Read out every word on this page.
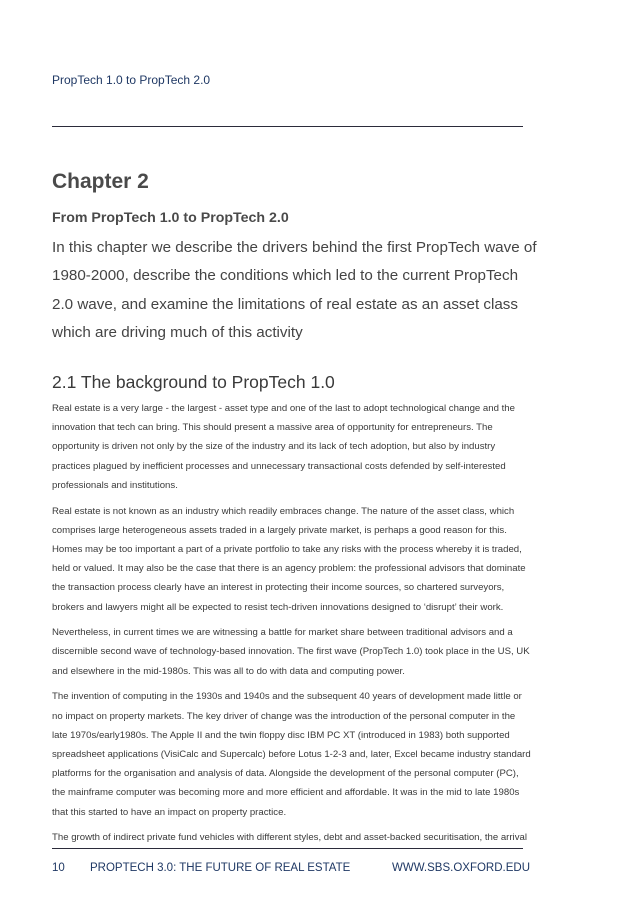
PropTech 1.0 to PropTech 2.0
Chapter 2
From PropTech 1.0 to PropTech 2.0

In this chapter we describe the drivers behind the first PropTech wave of 1980-2000, describe the conditions which led to the current PropTech 2.0 wave, and examine the limitations of real estate as an asset class which are driving much of this activity

2.1 The background to PropTech 1.0

Real estate is a very large - the largest - asset type and one of the last to adopt technological change and the innovation that tech can bring. This should present a massive area of opportunity for entrepreneurs. The opportunity is driven not only by the size of the industry and its lack of tech adoption, but also by industry practices plagued by inefficient processes and unnecessary transactional costs defended by self-interested professionals and institutions.

Real estate is not known as an industry which readily embraces change. The nature of the asset class, which comprises large heterogeneous assets traded in a largely private market, is perhaps a good reason for this. Homes may be too important a part of a private portfolio to take any risks with the process whereby it is traded, held or valued. It may also be the case that there is an agency problem: the professional advisors that dominate the transaction process clearly have an interest in protecting their income sources, so chartered surveyors, brokers and lawyers might all be expected to resist tech-driven innovations designed to ‘disrupt’ their work.

Nevertheless, in current times we are witnessing a battle for market share between traditional advisors and a discernible second wave of technology-based innovation. The first wave (PropTech 1.0) took place in the US, UK and elsewhere in the mid-1980s. This was all to do with data and computing power.

The invention of computing in the 1930s and 1940s and the subsequent 40 years of development made little or no impact on property markets. The key driver of change was the introduction of the personal computer in the late 1970s/early1980s. The Apple II and the twin floppy disc IBM PC XT (introduced in 1983) both supported spreadsheet applications (VisiCalc and Supercalc) before Lotus 1-2-3 and, later, Excel became industry standard platforms for the organisation and analysis of data. Alongside the development of the personal computer (PC), the mainframe computer was becoming more and more efficient and affordable. It was in the mid to late 1980s that this started to have an impact on property practice.

The growth of indirect private fund vehicles with different styles, debt and asset-backed securitisation, the arrival

10 PROPTECH 3.0: THE FUTURE OF REAL ESTATE	WWW.SBS.OXFORD.EDU
